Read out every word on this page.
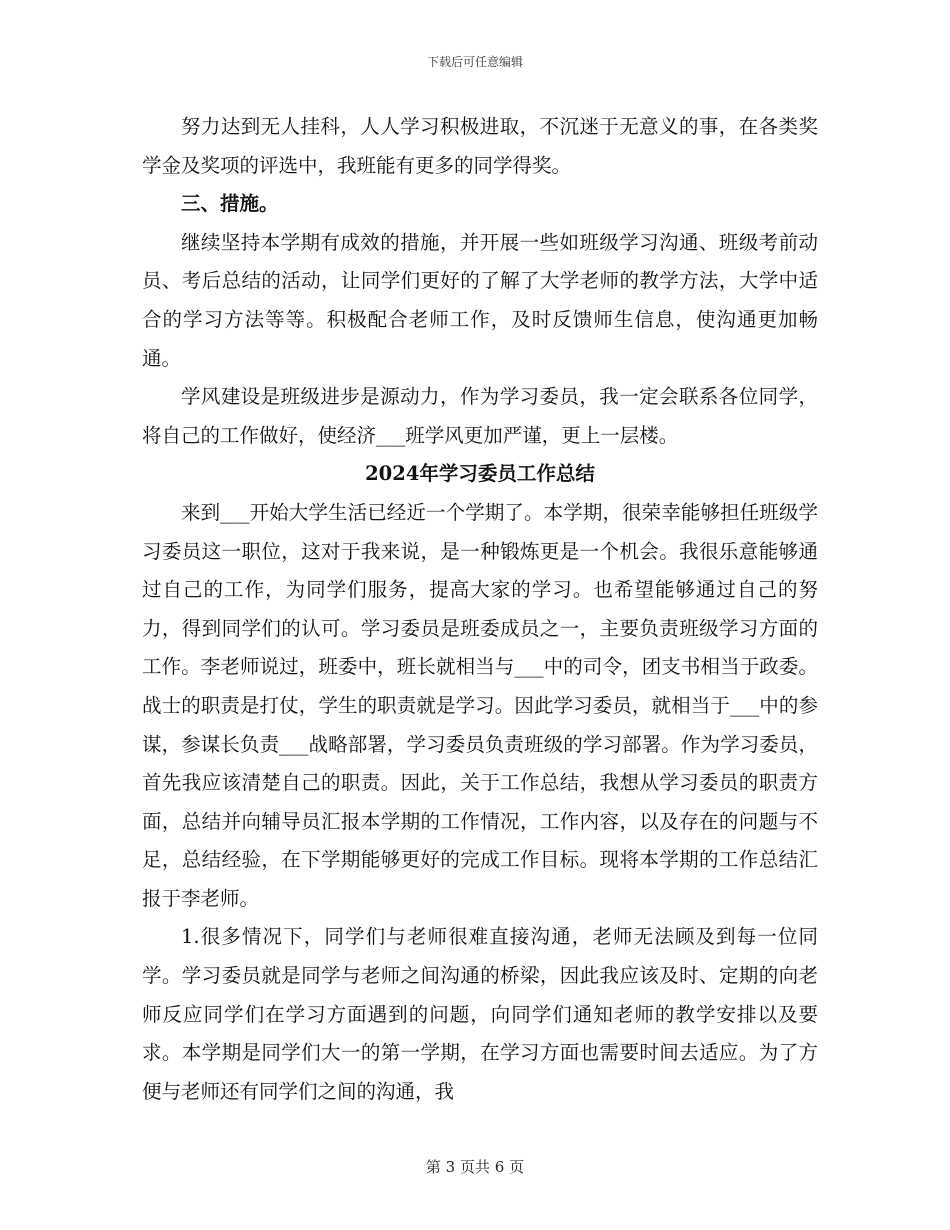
下载后可任意编辑

努力达到无人挂科，人人学习积极进取，不沉迷于无意义的事，在各类奖学金及奖项的评选中，我班能有更多的同学得奖。

三、措施。

继续坚持本学期有成效的措施，并开展一些如班级学习沟通、班级考前动员、考后总结的活动，让同学们更好的了解了大学老师的教学方法，大学中适合的学习方法等等。积极配合老师工作，及时反馈师生信息，使沟通更加畅通。

学风建设是班级进步是源动力，作为学习委员，我一定会联系各位同学，将自己的工作做好，使经济___班学风更加严谨，更上一层楼。

2024年学习委员工作总结

来到___开始大学生活已经近一个学期了。本学期，很荣幸能够担任班级学习委员这一职位，这对于我来说，是一种锻炼更是一个机会。我很乐意能够通过自己的工作，为同学们服务，提高大家的学习。也希望能够通过自己的努力，得到同学们的认可。学习委员是班委成员之一，主要负责班级学习方面的工作。李老师说过，班委中，班长就相当与___中的司令，团支书相当于政委。战士的职责是打仗，学生的职责就是学习。因此学习委员，就相当于___中的参谋，参谋长负责___战略部署，学习委员负责班级的学习部署。作为学习委员，首先我应该清楚自己的职责。因此，关于工作总结，我想从学习委员的职责方面，总结并向辅导员汇报本学期的工作情况，工作内容，以及存在的问题与不足，总结经验，在下学期能够更好的完成工作目标。现将本学期的工作总结汇报于李老师。

1.很多情况下，同学们与老师很难直接沟通，老师无法顾及到每一位同学。学习委员就是同学与老师之间沟通的桥梁，因此我应该及时、定期的向老师反应同学们在学习方面遇到的问题，向同学们通知老师的教学安排以及要求。本学期是同学们大一的第一学期，在学习方面也需要时间去适应。为了方便与老师还有同学们之间的沟通，我

第 3 页共 6 页
